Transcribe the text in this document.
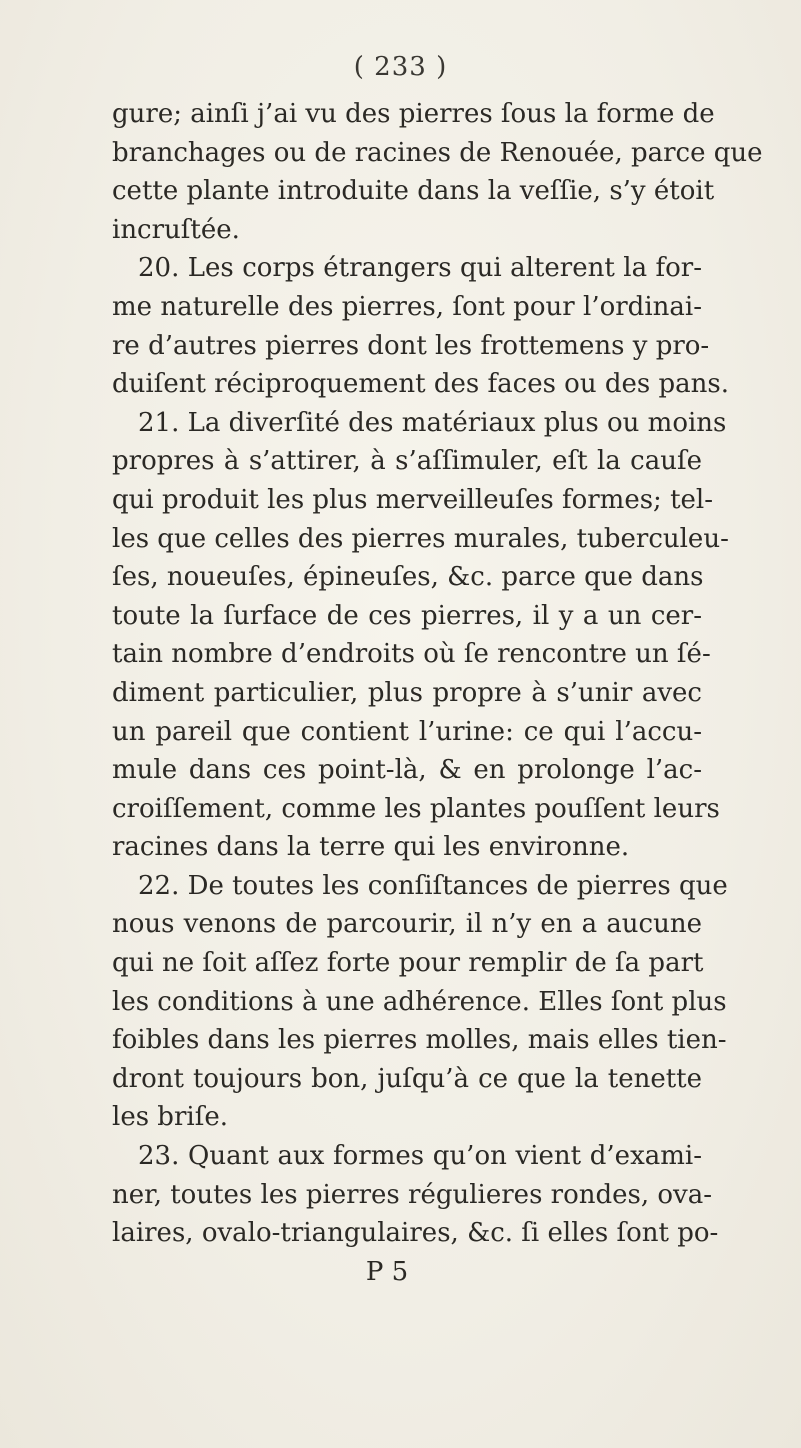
( 233 )
gure; ainſi j’ai vu des pierres ſous la forme de
branchages ou de racines de Renouée, parce que
cette plante introduite dans la veſſie, s’y étoit
incruſtée.
20. Les corps étrangers qui alterent la for-
me naturelle des pierres, ſont pour l’ordinai-
re d’autres pierres dont les frottemens y pro-
duiſent réciproquement des faces ou des pans.
21. La diverſité des matériaux plus ou moins
propres à s’attirer, à s’aſſimuler, eſt la cauſe
qui produit les plus merveilleuſes formes; tel-
les que celles des pierres murales, tuberculeu-
ſes, noueuſes, épineuſes, &c. parce que dans
toute la ſurface de ces pierres, il y a un cer-
tain nombre d’endroits où ſe rencontre un ſé-
diment particulier, plus propre à s’unir avec
un pareil que contient l’urine: ce qui l’accu-
mule dans ces point-là, & en prolonge l’ac-
croiſſement, comme les plantes pouſſent leurs
racines dans la terre qui les environne.
22. De toutes les conſiſtances de pierres que
nous venons de parcourir, il n’y en a aucune
qui ne ſoit aſſez forte pour remplir de ſa part
les conditions à une adhérence. Elles ſont plus
foibles dans les pierres molles, mais elles tien-
dront toujours bon, juſqu’à ce que la tenette
les briſe.
23. Quant aux formes qu’on vient d’exami-
ner, toutes les pierres régulieres rondes, ova-
laires, ovalo-triangulaires, &c. ſi elles ſont po-
P 5
